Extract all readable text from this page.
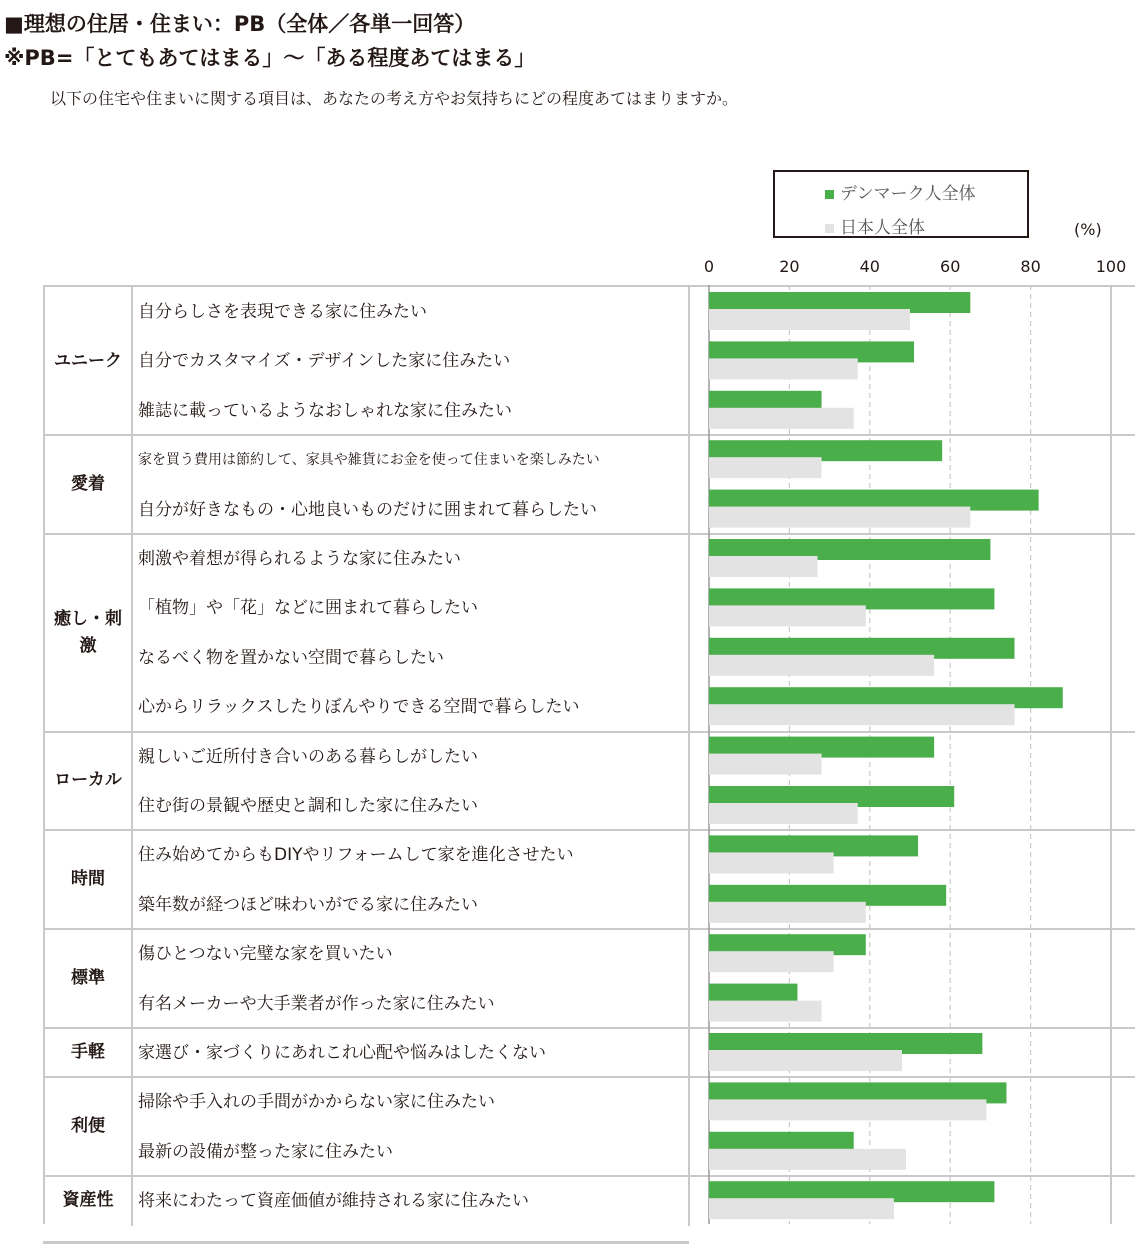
■理想の住居・住まい：PB（全体／各単一回答）
※PB=「とてもあてはまる」～「ある程度あてはまる」
以下の住宅や住まいに関する項目は、あなたの考え方やお気持ちにどの程度あてはまりますか。
デンマーク人全体
日本人全体	(%)
ユニーク
自分らしさを表現できる家に住みたい
自分でカスタマイズ・デザインした家に住みたい
雑誌に載っているようなおしゃれな家に住みたい
愛着
家を買う費用は節約して、家具や雑貨にお金を使って住まいを楽しみたい
自分が好きなもの・心地良いものだけに囲まれて暮らしたい
癒し・刺激
刺激や着想が得られるような家に住みたい
「植物」や「花」などに囲まれて暮らしたい
なるべく物を置かない空間で暮らしたい
心からリラックスしたりぼんやりできる空間で暮らしたい
ローカル
親しいご近所付き合いのある暮らしがしたい
住む街の景観や歴史と調和した家に住みたい
時間
住み始めてからもDIYやリフォームして家を進化させたい
築年数が経つほど味わいがでる家に住みたい
標準
傷ひとつない完璧な家を買いたい
有名メーカーや大手業者が作った家に住みたい
手軽	家選び・家づくりにあれこれ心配や悩みはしたくない
利便
掃除や手入れの手間がかからない家に住みたい
最新の設備が整った家に住みたい
資産性	将来にわたって資産価値が維持される家に住みたい
0	20	40	60	80	100
